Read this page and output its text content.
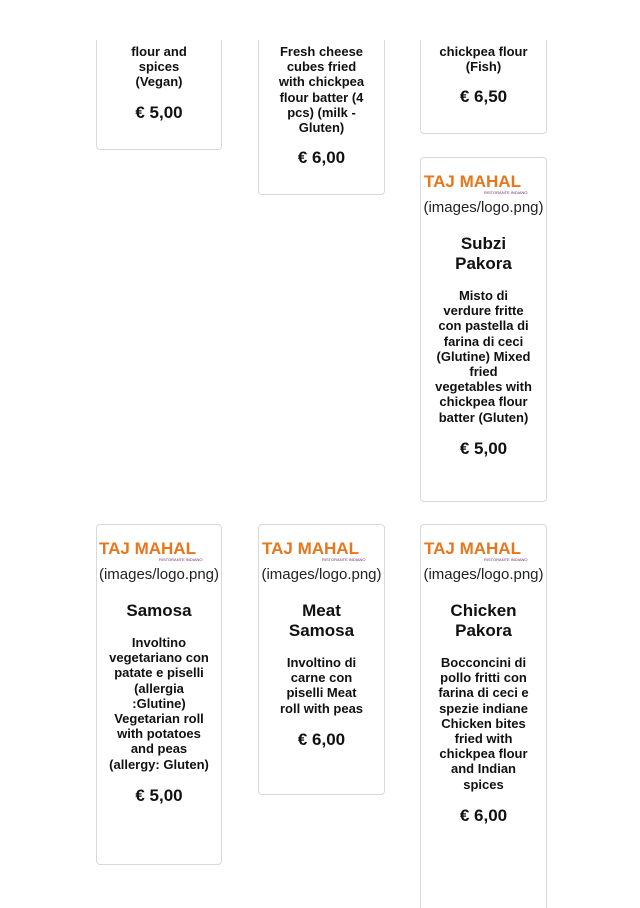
flour and spices (Vegan)
€ 5,00
Fresh cheese cubes fried with chickpea flour batter (4 pcs) (milk - Gluten)
€ 6,00
chickpea flour (Fish)
€ 6,50
TAJ MAHAL
RISTORANTE INDIANO
(images/logo.png)
Subzi Pakora
Misto di verdure fritte con pastella di farina di ceci (Glutine) Mixed fried vegetables with chickpea flour batter (Gluten)
€ 5,00
TAJ MAHAL
RISTORANTE INDIANO
(images/logo.png)
Samosa
Involtino vegetariano con patate e piselli (allergia :Glutine) Vegetarian roll with potatoes and peas (allergy: Gluten)
€ 5,00
TAJ MAHAL
RISTORANTE INDIANO
(images/logo.png)
Meat Samosa
Involtino di carne con piselli Meat roll with peas
€ 6,00
TAJ MAHAL
RISTORANTE INDIANO
(images/logo.png)
Chicken Pakora
Bocconcini di pollo fritti con farina di ceci e spezie indiane Chicken bites fried with chickpea flour and Indian spices
€ 6,00
